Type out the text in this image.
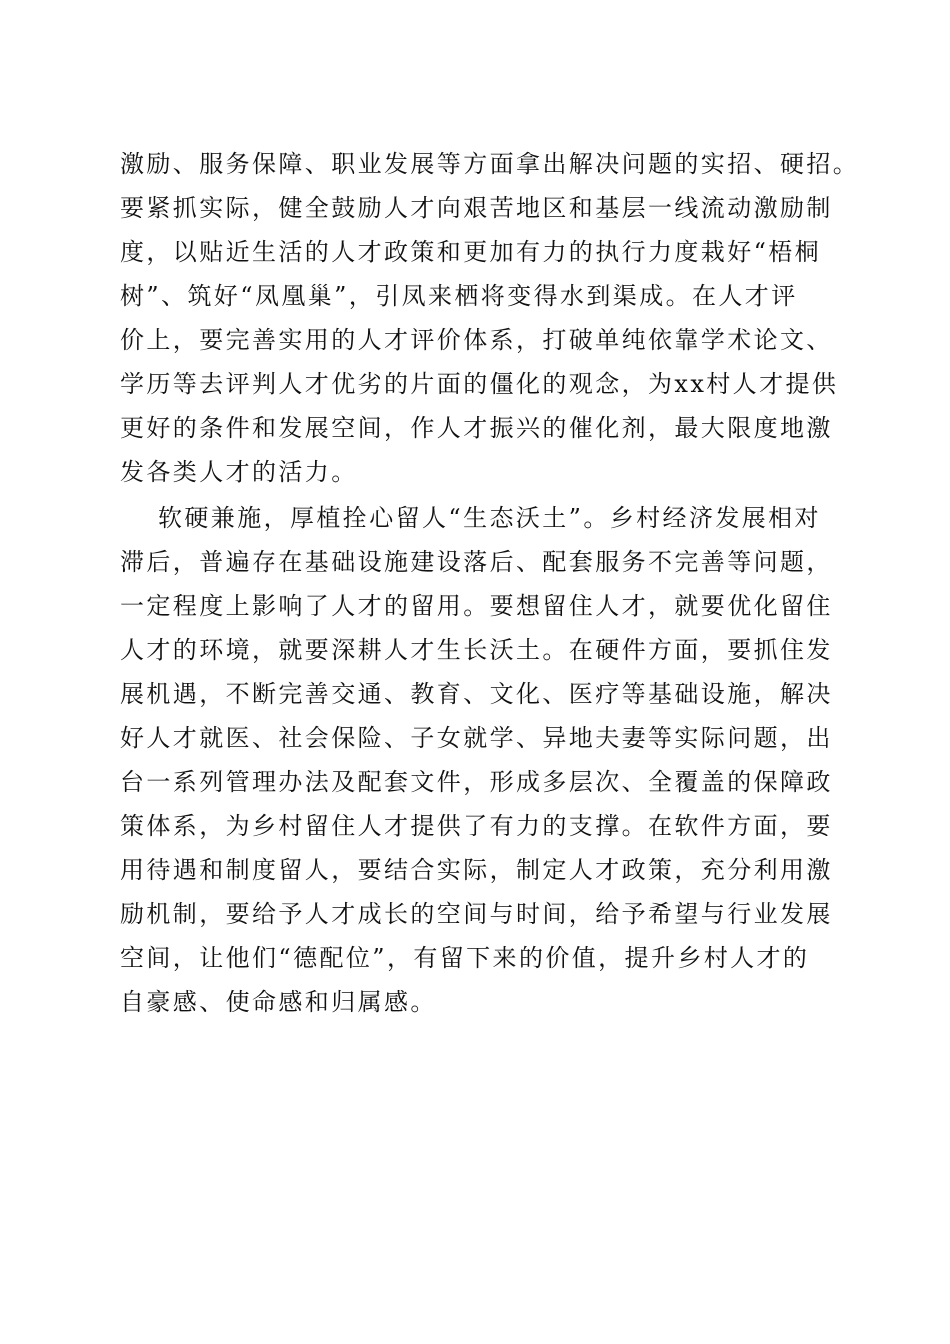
激励、服务保障、职业发展等方面拿出解决问题的实招、硬招。
要紧抓实际，健全鼓励人才向艰苦地区和基层一线流动激励制
度，以贴近生活的人才政策和更加有力的执行力度栽好“梧桐
树”、筑好“凤凰巢”，引凤来栖将变得水到渠成。在人才评
价上，要完善实用的人才评价体系，打破单纯依靠学术论文、
学历等去评判人才优劣的片面的僵化的观念，为xx村人才提供
更好的条件和发展空间，作人才振兴的催化剂，最大限度地激
发各类人才的活力。
软硬兼施，厚植拴心留人“生态沃土”。乡村经济发展相对
滞后，普遍存在基础设施建设落后、配套服务不完善等问题，
一定程度上影响了人才的留用。要想留住人才，就要优化留住
人才的环境，就要深耕人才生长沃土。在硬件方面，要抓住发
展机遇，不断完善交通、教育、文化、医疗等基础设施，解决
好人才就医、社会保险、子女就学、异地夫妻等实际问题，出
台一系列管理办法及配套文件，形成多层次、全覆盖的保障政
策体系，为乡村留住人才提供了有力的支撑。在软件方面，要
用待遇和制度留人，要结合实际，制定人才政策，充分利用激
励机制，要给予人才成长的空间与时间，给予希望与行业发展
空间，让他们“德配位”，有留下来的价值，提升乡村人才的
自豪感、使命感和归属感。
